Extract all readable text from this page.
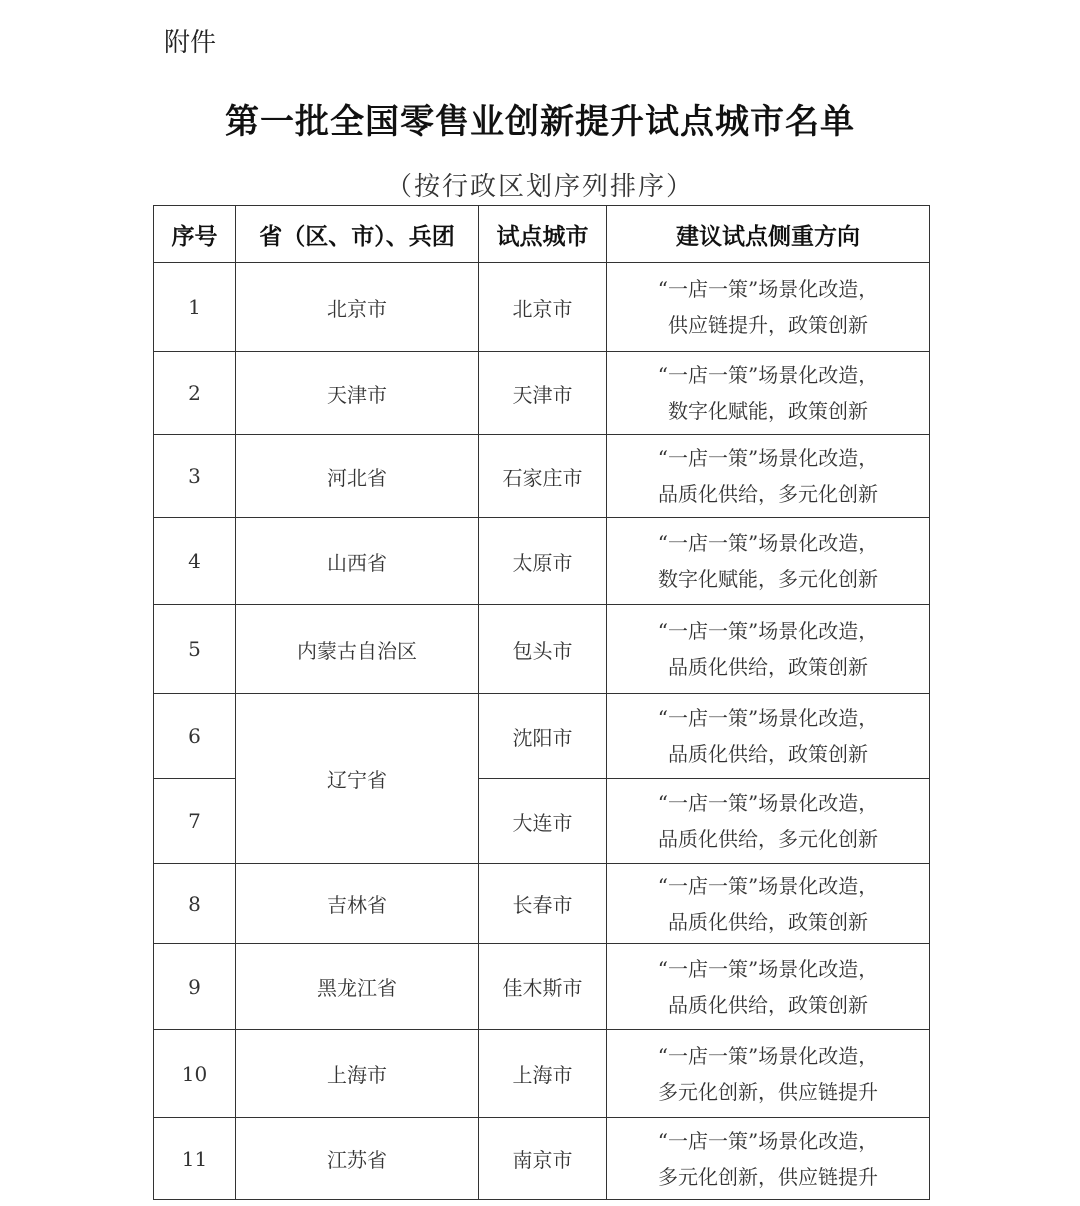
附件
第一批全国零售业创新提升试点城市名单
（按行政区划序列排序）
序号	省（区、市）、兵团	试点城市	建议试点侧重方向
1	北京市	北京市	“一店一策”场景化改造，
供应链提升，政策创新

2	天津市	天津市	“一店一策”场景化改造，
数字化赋能，政策创新

3	河北省	石家庄市	“一店一策”场景化改造，
品质化供给，多元化创新

4	山西省	太原市	“一店一策”场景化改造，
数字化赋能，多元化创新

5	内蒙古自治区	包头市	“一店一策”场景化改造，
品质化供给，政策创新

6	辽宁省	沈阳市	“一店一策”场景化改造，
品质化供给，政策创新

7		大连市	“一店一策”场景化改造，
品质化供给，多元化创新

8	吉林省	长春市	“一店一策”场景化改造，
品质化供给，政策创新

9	黑龙江省	佳木斯市	“一店一策”场景化改造，
品质化供给，政策创新

10	上海市	上海市	“一店一策”场景化改造，
多元化创新，供应链提升

11	江苏省	南京市	“一店一策”场景化改造，
多元化创新，供应链提升
